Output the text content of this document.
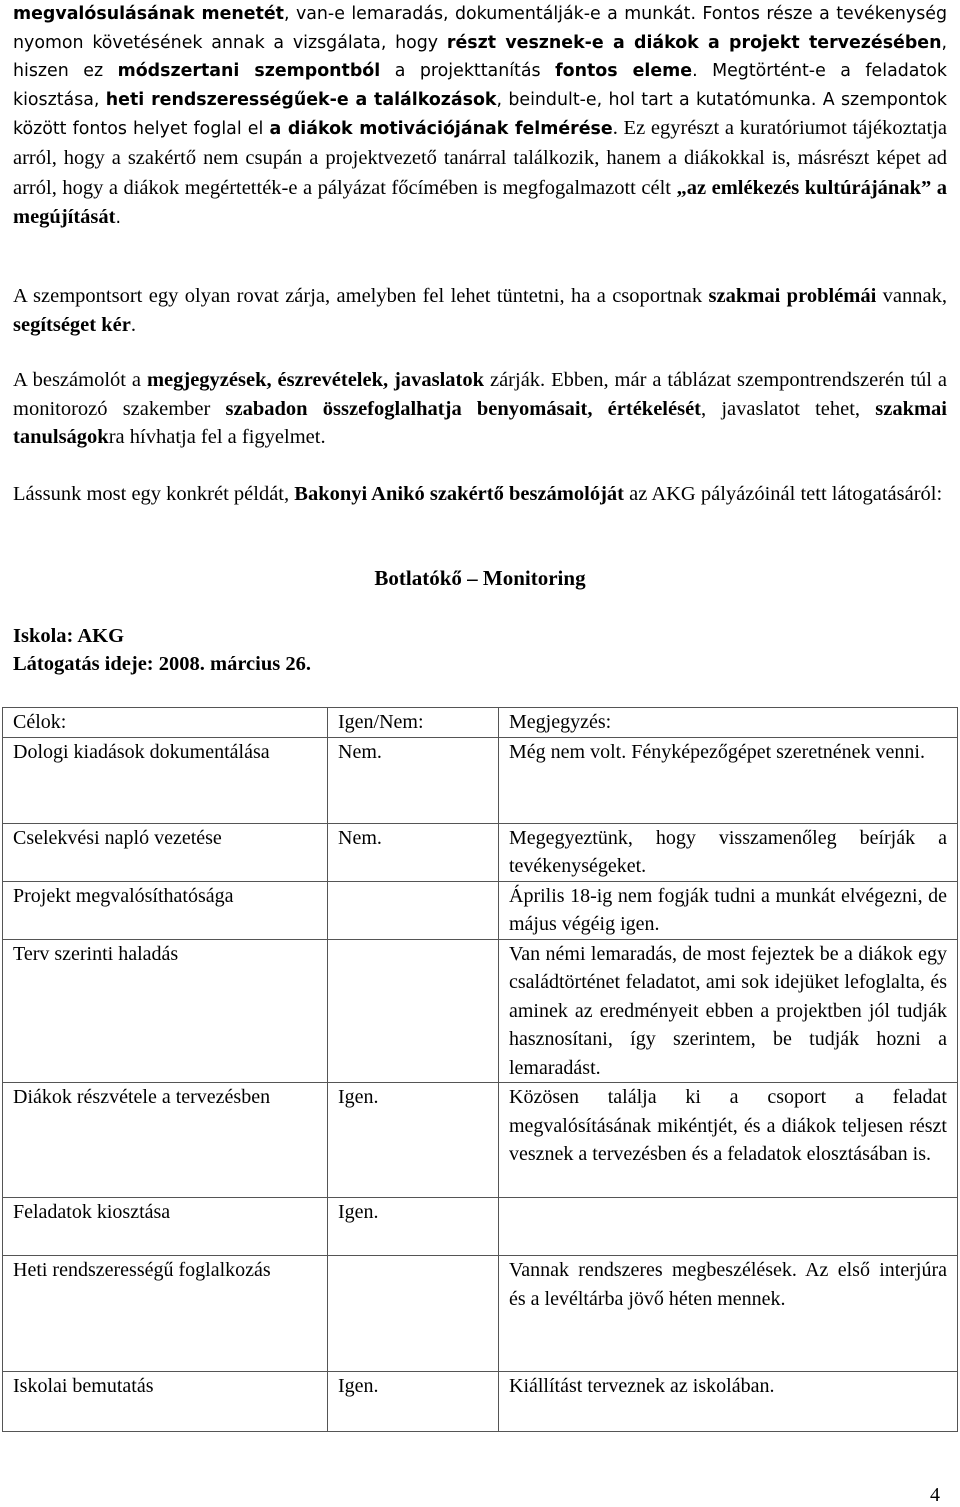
megvalósulásának menetét, van-e lemaradás, dokumentálják-e a munkát. Fontos része a tevékenység nyomon követésének annak a vizsgálata, hogy részt vesznek-e a diákok a projekt tervezésében, hiszen ez módszertani szempontból a projekttanítás fontos eleme. Megtörtént-e a feladatok kiosztása, heti rendszerességűek-e a találkozások, beindult-e, hol tart a kutatómunka. A szempontok között fontos helyet foglal el a diákok motivációjának felmérése. Ez egyrészt a kuratóriumot tájékoztatja arról, hogy a szakértő nem csupán a projektvezető tanárral találkozik, hanem a diákokkal is, másrészt képet ad arról, hogy a diákok megértették-e a pályázat főcímében is megfogalmazott célt „az emlékezés kultúrájának” a megújítását.

A szempontsort egy olyan rovat zárja, amelyben fel lehet tüntetni, ha a csoportnak szakmai problémái vannak, segítséget kér.

A beszámolót a megjegyzések, észrevételek, javaslatok zárják. Ebben, már a táblázat szempontrendszerén túl a monitorozó szakember szabadon összefoglalhatja benyomásait, értékelését, javaslatot tehet, szakmai tanulságokra hívhatja fel a figyelmet.

Lássunk most egy konkrét példát, Bakonyi Anikó szakértő beszámolóját az AKG pályázóinál tett látogatásáról:

Botlatókő – Monitoring
Iskola: AKG
Látogatás ideje: 2008. március 26.
Célok:	Igen/Nem:	Megjegyzés:
Dologi kiadások dokumentálása	Nem.	Még nem volt. Fényképezőgépet szeretnének venni.
Cselekvési napló vezetése	Nem.	Megegyeztünk, hogy visszamenőleg beírják a tevékenységeket.
Projekt megvalósíthatósága		Április 18-ig nem fogják tudni a munkát elvégezni, de május végéig igen.
Terv szerinti haladás		Van némi lemaradás, de most fejeztek be a diákok egy családtörténet feladatot, ami sok idejüket lefoglalta, és aminek az eredményeit ebben a projektben jól tudják hasznosítani, így szerintem, be tudják hozni a lemaradást.
Diákok részvétele a tervezésben	Igen.	Közösen találja ki a csoport a feladat megvalósításának mikéntjét, és a diákok teljesen részt vesznek a tervezésben és a feladatok elosztásában is.
Feladatok kiosztása	Igen.	
Heti rendszerességű foglalkozás		Vannak rendszeres megbeszélések. Az első interjúra és a levéltárba jövő héten mennek.
Iskolai bemutatás	Igen.	Kiállítást terveznek az iskolában.
4
